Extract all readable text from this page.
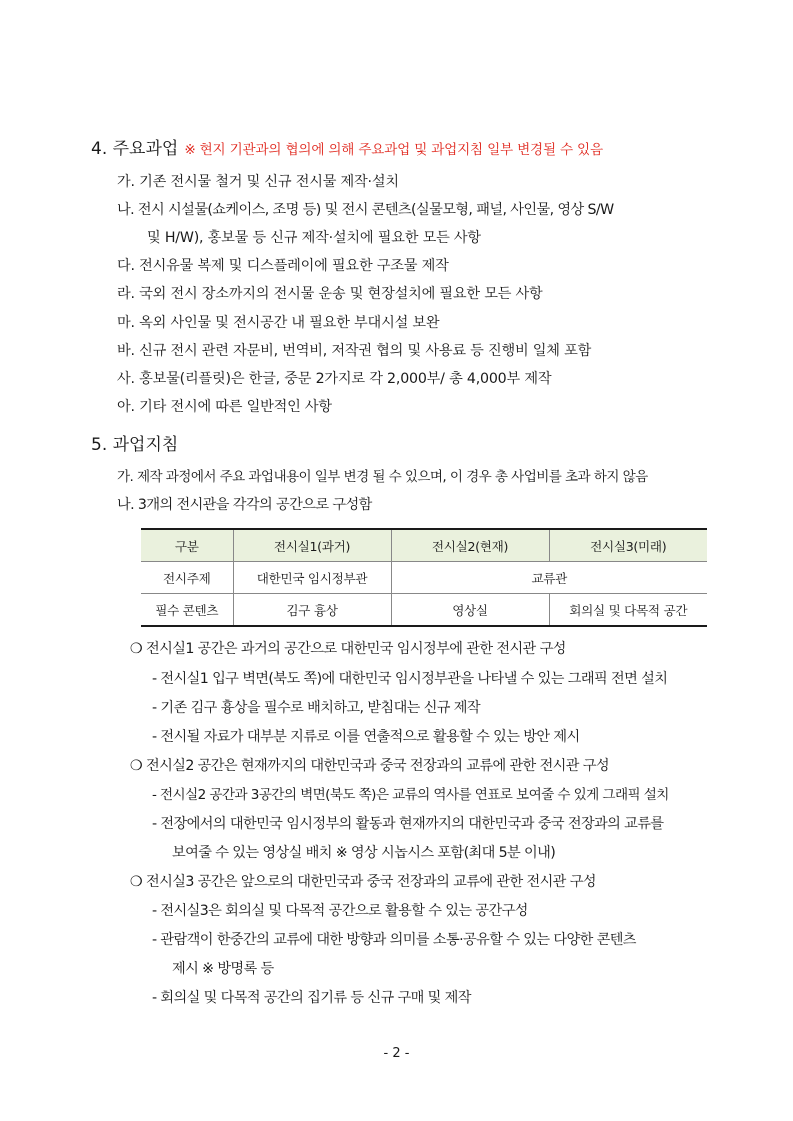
4. 주요과업 ※ 현지 기관과의 협의에 의해 주요과업 및 과업지침 일부 변경될 수 있음
가. 기존 전시물 철거 및 신규 전시물 제작·설치
나. 전시 시설물(쇼케이스, 조명 등) 및 전시 콘텐츠(실물모형, 패널, 사인물, 영상 S/W
및 H/W), 홍보물 등 신규 제작·설치에 필요한 모든 사항
다. 전시유물 복제 및 디스플레이에 필요한 구조물 제작
라. 국외 전시 장소까지의 전시물 운송 및 현장설치에 필요한 모든 사항
마. 옥외 사인물 및 전시공간 내 필요한 부대시설 보완
바. 신규 전시 관련 자문비, 번역비, 저작권 협의 및 사용료 등 진행비 일체 포함
사. 홍보물(리플릿)은 한글, 중문 2가지로 각 2,000부/ 총 4,000부 제작
아. 기타 전시에 따른 일반적인 사항
5. 과업지침
가. 제작 과정에서 주요 과업내용이 일부 변경 될 수 있으며, 이 경우 총 사업비를 초과 하지 않음
나. 3개의 전시관을 각각의 공간으로 구성함
구분	전시실1(과거)	전시실2(현재)	전시실3(미래)
전시주제	대한민국 임시정부관	교류관	
필수 콘텐츠	김구 흉상	영상실	회의실 및 다목적 공간
❍ 전시실1 공간은 과거의 공간으로 대한민국 임시정부에 관한 전시관 구성
- 전시실1 입구 벽면(북도 쪽)에 대한민국 임시정부관을 나타낼 수 있는 그래픽 전면 설치
- 기존 김구 흉상을 필수로 배치하고, 받침대는 신규 제작
- 전시될 자료가 대부분 지류로 이를 연출적으로 활용할 수 있는 방안 제시
❍ 전시실2 공간은 현재까지의 대한민국과 중국 전장과의 교류에 관한 전시관 구성
- 전시실2 공간과 3공간의 벽면(북도 쪽)은 교류의 역사를 연표로 보여줄 수 있게 그래픽 설치
- 전장에서의 대한민국 임시정부의 활동과 현재까지의 대한민국과 중국 전장과의 교류를
보여줄 수 있는 영상실 배치 ※ 영상 시놉시스 포함(최대 5분 이내)
❍ 전시실3 공간은 앞으로의 대한민국과 중국 전장과의 교류에 관한 전시관 구성
- 전시실3은 회의실 및 다목적 공간으로 활용할 수 있는 공간구성
- 관람객이 한중간의 교류에 대한 방향과 의미를 소통·공유할 수 있는 다양한 콘텐츠
제시 ※ 방명록 등
- 회의실 및 다목적 공간의 집기류 등 신규 구매 및 제작
- 2 -
